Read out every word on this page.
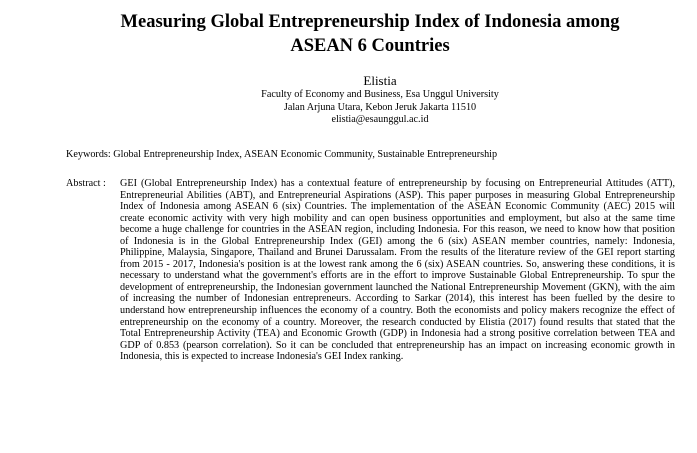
Measuring Global Entrepreneurship Index of Indonesia among
ASEAN 6 Countries
Elistia
Faculty of Economy and Business, Esa Unggul University
Jalan Arjuna Utara, Kebon Jeruk Jakarta 11510
elistia@esaunggul.ac.id
Keywords: Global Entrepreneurship Index, ASEAN Economic Community, Sustainable Entrepreneurship
Abstract : GEI (Global Entrepreneurship Index) has a contextual feature of entrepreneurship by focusing on Entrepreneurial Attitudes (ATT), Entrepreneurial Abilities (ABT), and Entrepreneurial Aspirations (ASP). This paper purposes in measuring Global Entrepreneurship Index of Indonesia among ASEAN 6 (six) Countries. The implementation of the ASEAN Economic Community (AEC) 2015 will create economic activity with very high mobility and can open business opportunities and employment, but also at the same time become a huge challenge for countries in the ASEAN region, including Indonesia. For this reason, we need to know how that position of Indonesia is in the Global Entrepreneurship Index (GEI) among the 6 (six) ASEAN member countries, namely: Indonesia, Philippine, Malaysia, Singapore, Thailand and Brunei Darussalam. From the results of the literature review of the GEI report starting from 2015 - 2017, Indonesia's position is at the lowest rank among the 6 (six) ASEAN countries. So, answering these conditions, it is necessary to understand what the government's efforts are in the effort to improve Sustainable Global Entrepreneurship. To spur the development of entrepreneurship, the Indonesian government launched the National Entrepreneurship Movement (GKN), with the aim of increasing the number of Indonesian entrepreneurs. According to Sarkar (2014), this interest has been fuelled by the desire to understand how entrepreneurship influences the economy of a country. Both the economists and policy makers recognize the effect of entrepreneurship on the economy of a country. Moreover, the research conducted by Elistia (2017) found results that stated that the Total Entrepreneurship Activity (TEA) and Economic Growth (GDP) in Indonesia had a strong positive correlation between TEA and GDP of 0.853 (pearson correlation). So it can be concluded that entrepreneurship has an impact on increasing economic growth in Indonesia, this is expected to increase Indonesia's GEI Index ranking.
